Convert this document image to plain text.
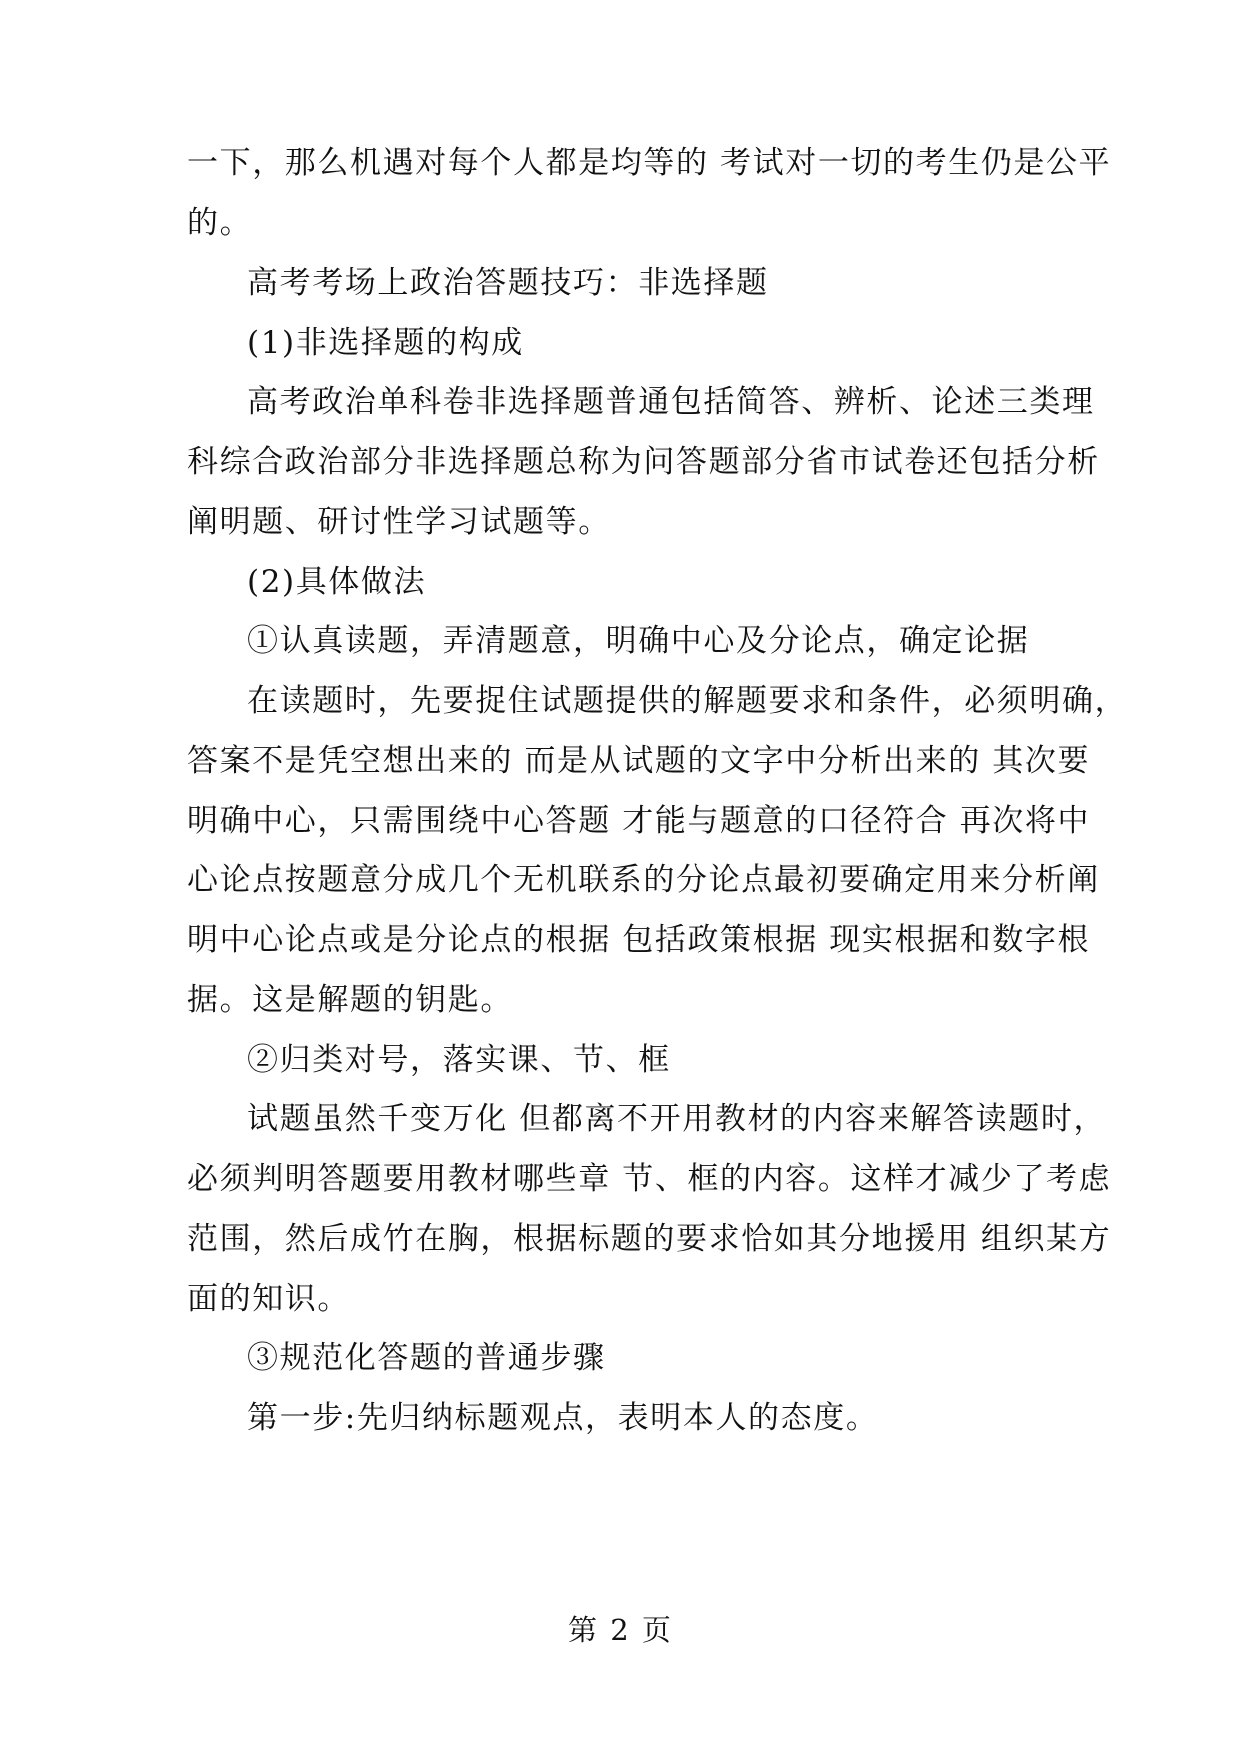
一下，那么机遇对每个人都是均等的 考试对一切的考生仍是公平
的。
高考考场上政治答题技巧：非选择题
(1)非选择题的构成
高考政治单科卷非选择题普通包括简答、辨析、论述三类理
科综合政治部分非选择题总称为问答题部分省市试卷还包括分析
阐明题、研讨性学习试题等。
(2)具体做法
①认真读题，弄清题意，明确中心及分论点，确定论据
在读题时，先要捉住试题提供的解题要求和条件，必须明确，
答案不是凭空想出来的 而是从试题的文字中分析出来的 其次要
明确中心，只需围绕中心答题 才能与题意的口径符合 再次将中
心论点按题意分成几个无机联系的分论点最初要确定用来分析阐
明中心论点或是分论点的根据 包括政策根据 现实根据和数字根
据。这是解题的钥匙。
②归类对号，落实课、节、框
试题虽然千变万化 但都离不开用教材的内容来解答读题时，
必须判明答题要用教材哪些章 节、框的内容。这样才减少了考虑
范围，然后成竹在胸，根据标题的要求恰如其分地援用 组织某方
面的知识。
③规范化答题的普通步骤
第一步:先归纳标题观点，表明本人的态度。
第 2 页
